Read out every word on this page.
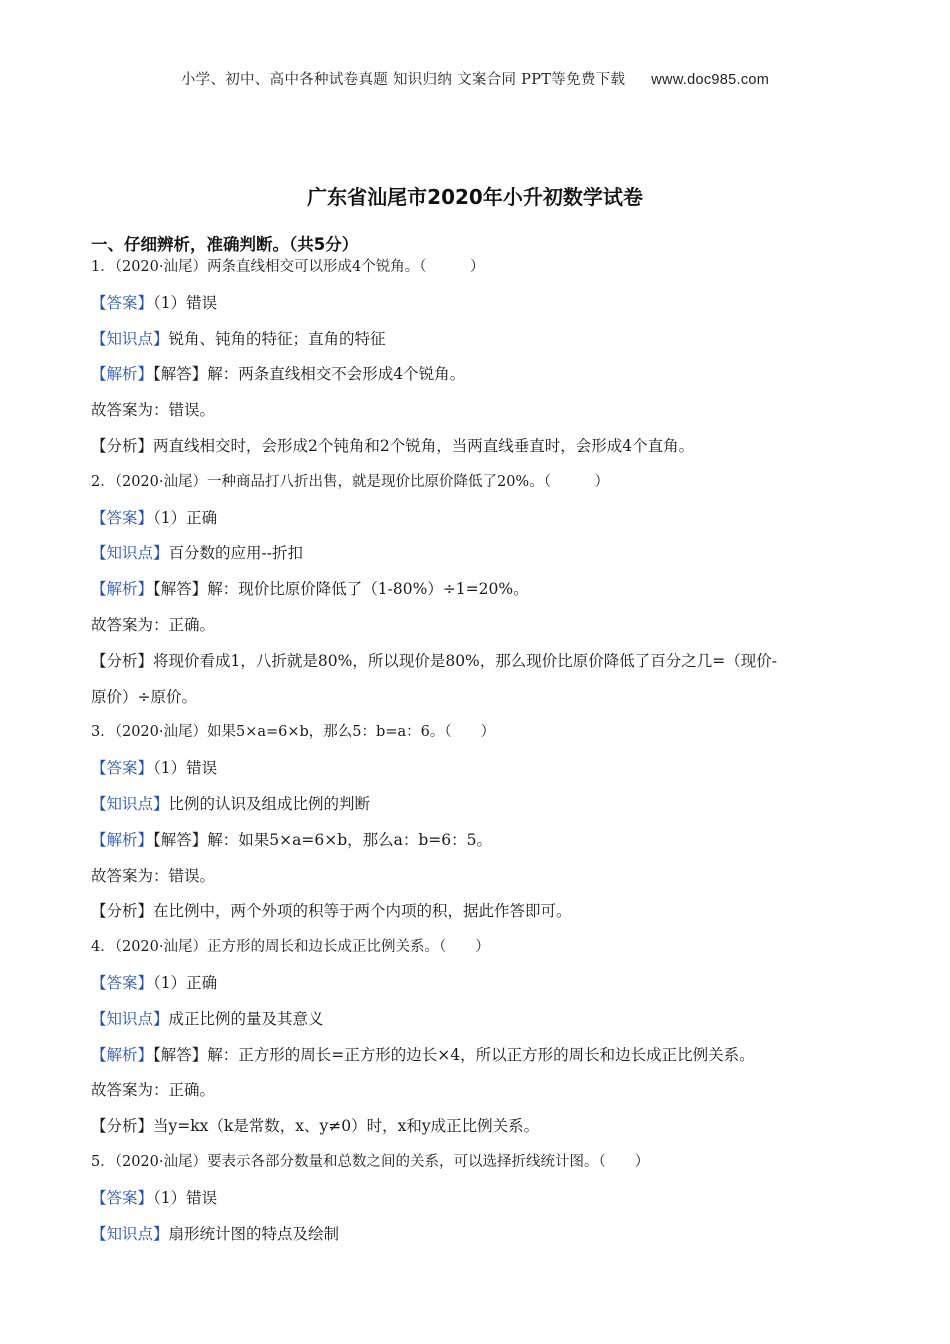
小学、初中、高中各种试卷真题 知识归纳 文案合同 PPT等免费下载 www.doc985.com
广东省汕尾市2020年小升初数学试卷
一、仔细辨析，准确判断。（共5分）
1．（2020·汕尾）两条直线相交可以形成4个锐角。（　　　）
【答案】（1）错误
【知识点】锐角、钝角的特征；直角的特征
【解析】【解答】解：两条直线相交不会形成4个锐角。
故答案为：错误。
【分析】两直线相交时，会形成2个钝角和2个锐角，当两直线垂直时，会形成4个直角。
2．（2020·汕尾）一种商品打八折出售，就是现价比原价降低了20%。（　　　）
【答案】（1）正确
【知识点】百分数的应用--折扣
【解析】【解答】解：现价比原价降低了（1-80%）÷1=20%。
故答案为：正确。
【分析】将现价看成1，八折就是80%，所以现价是80%，那么现价比原价降低了百分之几=（现价-
原价）÷原价。
3．（2020·汕尾）如果5×a=6×b，那么5：b=a：6。（　　）
【答案】（1）错误
【知识点】比例的认识及组成比例的判断
【解析】【解答】解：如果5×a=6×b，那么a：b=6：5。
故答案为：错误。
【分析】在比例中，两个外项的积等于两个内项的积，据此作答即可。
4．（2020·汕尾）正方形的周长和边长成正比例关系。（　　）
【答案】（1）正确
【知识点】成正比例的量及其意义
【解析】【解答】解：正方形的周长=正方形的边长×4，所以正方形的周长和边长成正比例关系。
故答案为：正确。
【分析】当y=kx（k是常数，x、y≠0）时，x和y成正比例关系。
5．（2020·汕尾）要表示各部分数量和总数之间的关系，可以选择折线统计图。（　　）
【答案】（1）错误
【知识点】扇形统计图的特点及绘制
